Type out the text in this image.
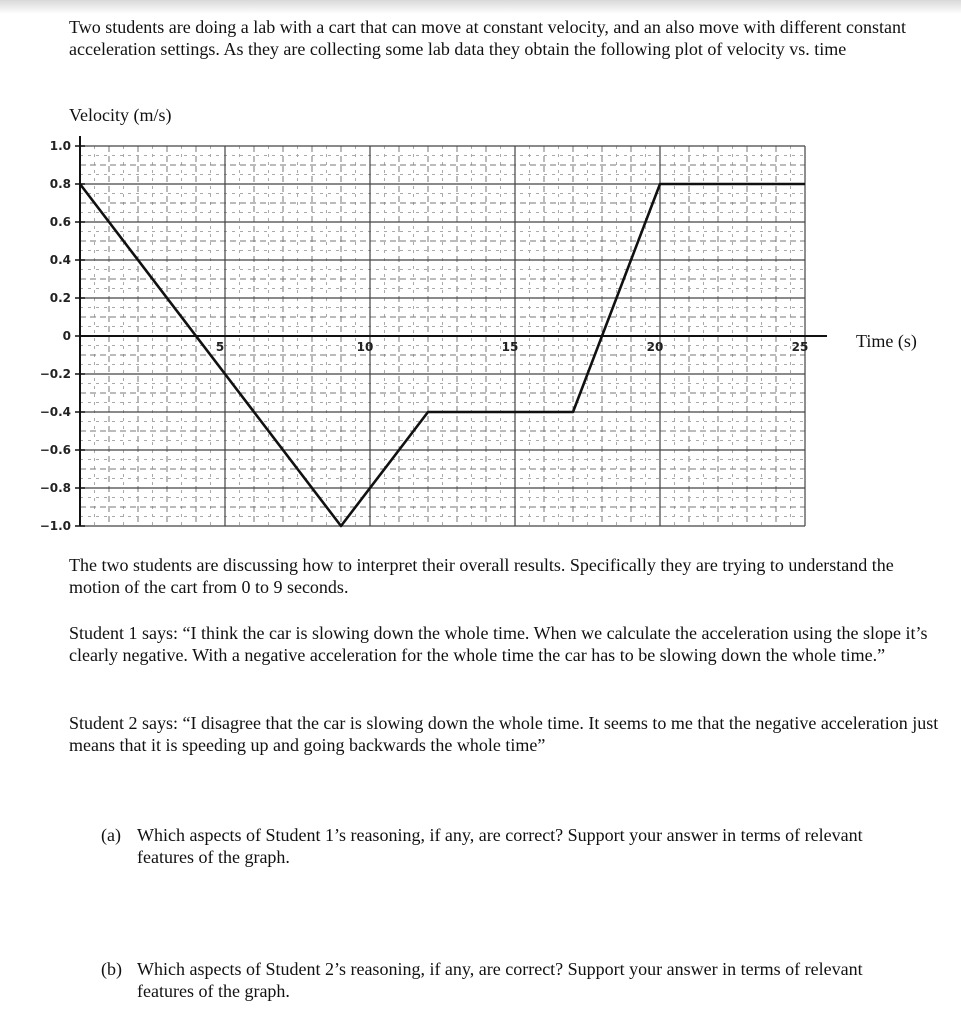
Two students are doing a lab with a cart that can move at constant velocity, and an also move with different constant acceleration settings. As they are collecting some lab data they obtain the following plot of velocity vs. time

Velocity (m/s)
Time (s)
1.0
0.8
0.6
0.4
0.2
0
−0.2
−0.4
−0.6
−0.8
−1.0
5	10	15	20	25

The two students are discussing how to interpret their overall results. Specifically they are trying to understand the motion of the cart from 0 to 9 seconds.

Student 1 says: “I think the car is slowing down the whole time. When we calculate the acceleration using the slope it’s clearly negative. With a negative acceleration for the whole time the car has to be slowing down the whole time.”

Student 2 says: “I disagree that the car is slowing down the whole time. It seems to me that the negative acceleration just means that it is speeding up and going backwards the whole time”

(a) Which aspects of Student 1’s reasoning, if any, are correct? Support your answer in terms of relevant features of the graph.
(b) Which aspects of Student 2’s reasoning, if any, are correct? Support your answer in terms of relevant features of the graph.
